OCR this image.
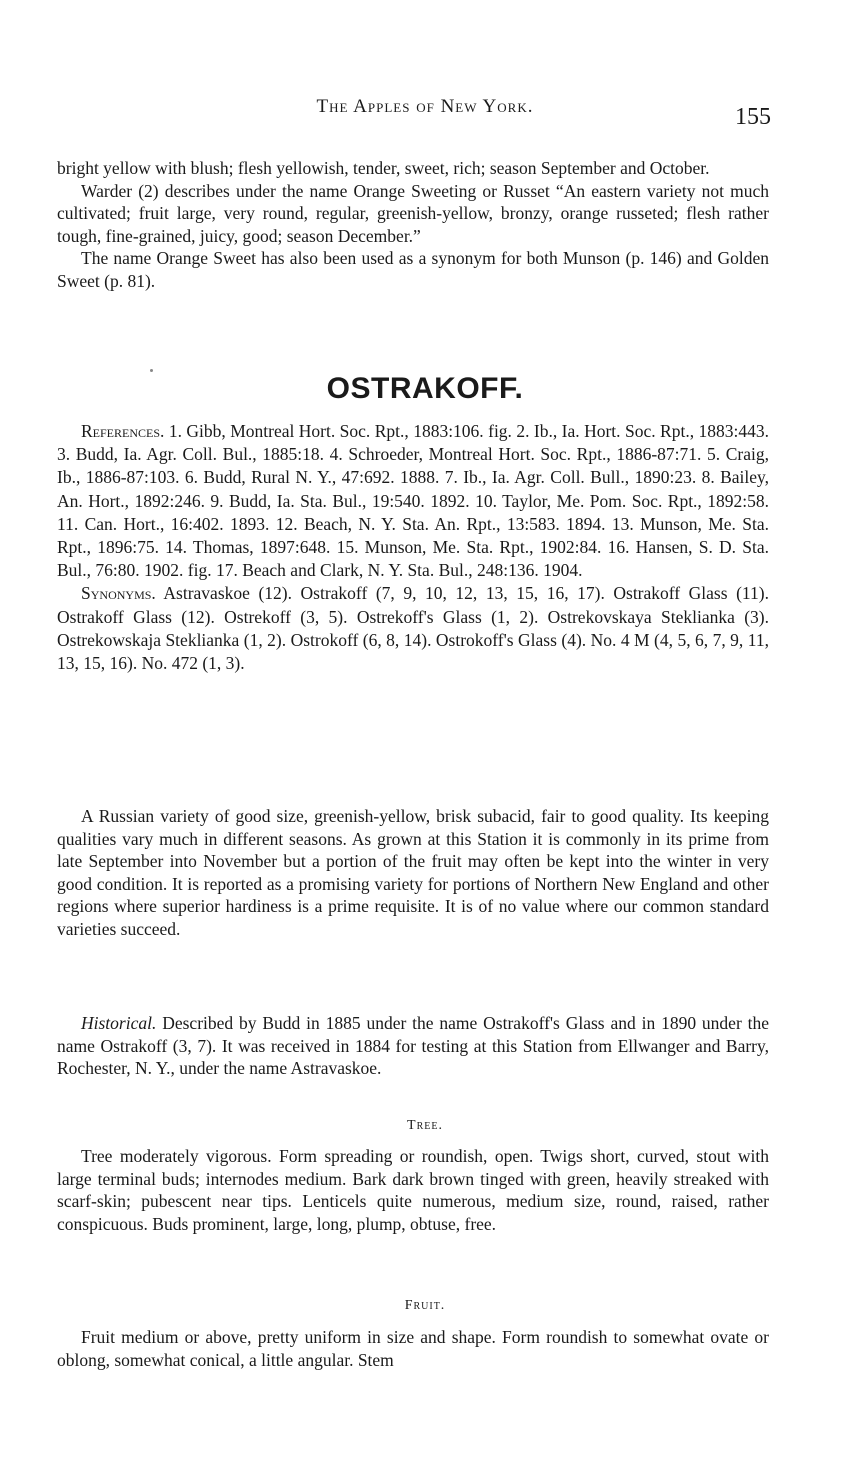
The Apples of New York.	155

bright yellow with blush; flesh yellowish, tender, sweet, rich; season September and October.

Warder (2) describes under the name Orange Sweeting or Russet “An eastern variety not much cultivated; fruit large, very round, regular, greenish-yellow, bronzy, orange russeted; flesh rather tough, fine-grained, juicy, good; season December.”

The name Orange Sweet has also been used as a synonym for both Munson (p. 146) and Golden Sweet (p. 81).

OSTRAKOFF.

References. 1. Gibb, Montreal Hort. Soc. Rpt., 1883:106. fig. 2. Ib., Ia. Hort. Soc. Rpt., 1883:443. 3. Budd, Ia. Agr. Coll. Bul., 1885:18. 4. Schroeder, Montreal Hort. Soc. Rpt., 1886-87:71. 5. Craig, Ib., 1886-87:103. 6. Budd, Rural N. Y., 47:692. 1888. 7. Ib., Ia. Agr. Coll. Bull., 1890:23. 8. Bailey, An. Hort., 1892:246. 9. Budd, Ia. Sta. Bul., 19:540. 1892. 10. Taylor, Me. Pom. Soc. Rpt., 1892:58. 11. Can. Hort., 16:402. 1893. 12. Beach, N. Y. Sta. An. Rpt., 13:583. 1894. 13. Munson, Me. Sta. Rpt., 1896:75. 14. Thomas, 1897:648. 15. Munson, Me. Sta. Rpt., 1902:84. 16. Hansen, S. D. Sta. Bul., 76:80. 1902. fig. 17. Beach and Clark, N. Y. Sta. Bul., 248:136. 1904.

Synonyms. Astravaskoe (12). Ostrakoff (7, 9, 10, 12, 13, 15, 16, 17). Ostrakoff Glass (11). Ostrakoff Glass (12). Ostrekoff (3, 5). Ostrekoff's Glass (1, 2). Ostrekovskaya Steklianka (3). Ostrekowskaja Steklianka (1, 2). Ostrokoff (6, 8, 14). Ostrokoff's Glass (4). No. 4 M (4, 5, 6, 7, 9, 11, 13, 15, 16). No. 472 (1, 3).

A Russian variety of good size, greenish-yellow, brisk subacid, fair to good quality. Its keeping qualities vary much in different seasons. As grown at this Station it is commonly in its prime from late September into November but a portion of the fruit may often be kept into the winter in very good condition. It is reported as a promising variety for portions of Northern New England and other regions where superior hardiness is a prime requisite. It is of no value where our common standard varieties succeed.

Historical. Described by Budd in 1885 under the name Ostrakoff's Glass and in 1890 under the name Ostrakoff (3, 7). It was received in 1884 for testing at this Station from Ellwanger and Barry, Rochester, N. Y., under the name Astravaskoe.

Tree.

Tree moderately vigorous. Form spreading or roundish, open. Twigs short, curved, stout with large terminal buds; internodes medium. Bark dark brown tinged with green, heavily streaked with scarf-skin; pubescent near tips. Lenticels quite numerous, medium size, round, raised, rather conspicuous. Buds prominent, large, long, plump, obtuse, free.

Fruit.

Fruit medium or above, pretty uniform in size and shape. Form roundish to somewhat ovate or oblong, somewhat conical, a little angular. Stem
